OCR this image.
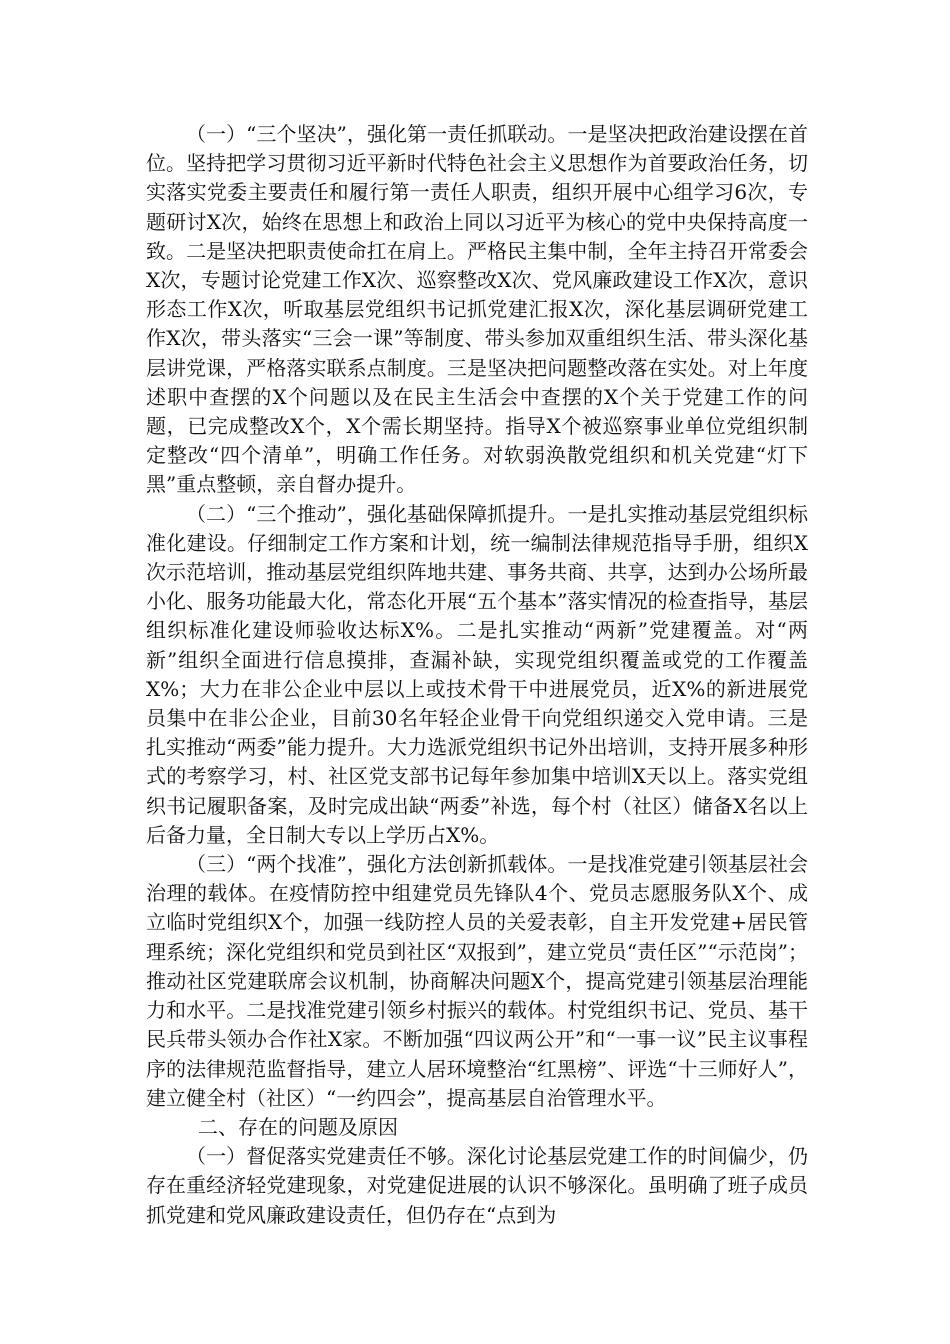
（一）“三个坚决”，强化第一责任抓联动。一是坚决把政治建设摆在首位。坚持把学习贯彻习近平新时代特色社会主义思想作为首要政治任务，切实落实党委主要责任和履行第一责任人职责，组织开展中心组学习6次，专题研讨X次，始终在思想上和政治上同以习近平为核心的党中央保持高度一致。二是坚决把职责使命扛在肩上。严格民主集中制，全年主持召开常委会X次，专题讨论党建工作X次、巡察整改X次、党风廉政建设工作X次，意识形态工作X次，听取基层党组织书记抓党建汇报X次，深化基层调研党建工作X次，带头落实“三会一课”等制度、带头参加双重组织生活、带头深化基层讲党课，严格落实联系点制度。三是坚决把问题整改落在实处。对上年度述职中查摆的X个问题以及在民主生活会中查摆的X个关于党建工作的问题，已完成整改X个，X个需长期坚持。指导X个被巡察事业单位党组织制定整改“四个清单”，明确工作任务。对软弱涣散党组织和机关党建“灯下黑”重点整顿，亲自督办提升。

（二）“三个推动”，强化基础保障抓提升。一是扎实推动基层党组织标准化建设。仔细制定工作方案和计划，统一编制法律规范指导手册，组织X次示范培训，推动基层党组织阵地共建、事务共商、共享，达到办公场所最小化、服务功能最大化，常态化开展“五个基本”落实情况的检查指导，基层组织标准化建设师验收达标X%。二是扎实推动“两新”党建覆盖。对“两新”组织全面进行信息摸排，查漏补缺，实现党组织覆盖或党的工作覆盖X%；大力在非公企业中层以上或技术骨干中进展党员，近X%的新进展党员集中在非公企业，目前30名年轻企业骨干向党组织递交入党申请。三是扎实推动“两委”能力提升。大力选派党组织书记外出培训，支持开展多种形式的考察学习，村、社区党支部书记每年参加集中培训X天以上。落实党组织书记履职备案，及时完成出缺“两委”补选，每个村（社区）储备X名以上后备力量，全日制大专以上学历占X%。

（三）“两个找准”，强化方法创新抓载体。一是找准党建引领基层社会治理的载体。在疫情防控中组建党员先锋队4个、党员志愿服务队X个、成立临时党组织X个，加强一线防控人员的关爱表彰，自主开发党建+居民管理系统；深化党组织和党员到社区“双报到”，建立党员“责任区”“示范岗”；推动社区党建联席会议机制，协商解决问题X个，提高党建引领基层治理能力和水平。二是找准党建引领乡村振兴的载体。村党组织书记、党员、基干民兵带头领办合作社X家。不断加强“四议两公开”和“一事一议”民主议事程序的法律规范监督指导，建立人居环境整治“红黑榜”、评选“十三师好人”，建立健全村（社区）“一约四会”，提高基层自治管理水平。

二、存在的问题及原因

（一）督促落实党建责任不够。深化讨论基层党建工作的时间偏少，仍存在重经济轻党建现象，对党建促进展的认识不够深化。虽明确了班子成员抓党建和党风廉政建设责任，但仍存在“点到为
